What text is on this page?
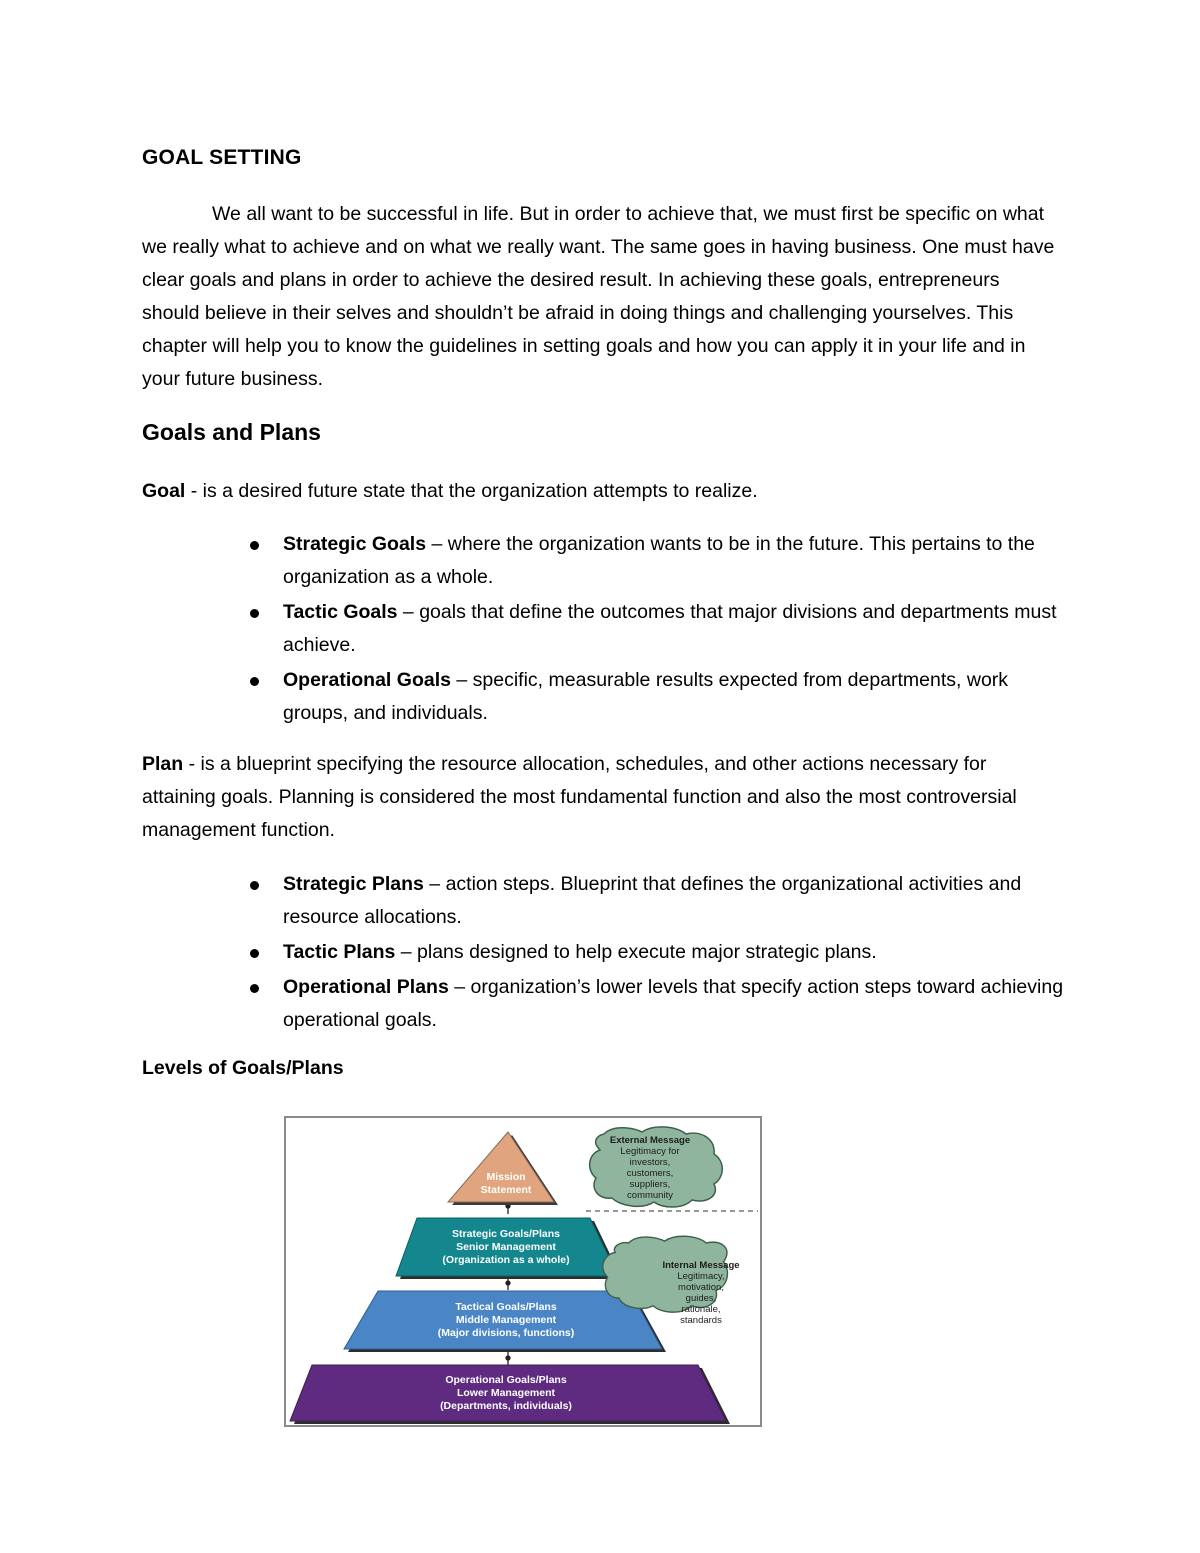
GOAL SETTING

We all want to be successful in life. But in order to achieve that, we must first be specific on what we really what to achieve and on what we really want. The same goes in having business. One must have clear goals and plans in order to achieve the desired result. In achieving these goals, entrepreneurs should believe in their selves and shouldn’t be afraid in doing things and challenging yourselves. This chapter will help you to know the guidelines in setting goals and how you can apply it in your life and in your future business.

Goals and Plans

Goal - is a desired future state that the organization attempts to realize.

Strategic Goals – where the organization wants to be in the future. This pertains to the organization as a whole.
Tactic Goals – goals that define the outcomes that major divisions and departments must achieve.
Operational Goals – specific, measurable results expected from departments, work groups, and individuals.

Plan - is a blueprint specifying the resource allocation, schedules, and other actions necessary for attaining goals. Planning is considered the most fundamental function and also the most controversial management function.

Strategic Plans – action steps. Blueprint that defines the organizational activities and resource allocations.
Tactic Plans – plans designed to help execute major strategic plans.
Operational Plans – organization’s lower levels that specify action steps toward achieving operational goals.
Levels of Goals/Plans
Mission
Statement
Strategic Goals/Plans
Senior Management
(Organization as a whole)
Tactical Goals/Plans
Middle Management
(Major divisions, functions)
Operational Goals/Plans
Lower Management
(Departments, individuals)
External Message
Legitimacy for
investors,
customers,
suppliers,
community
Internal Message
Legitimacy,
motivation,
guides,
rationale,
standards
